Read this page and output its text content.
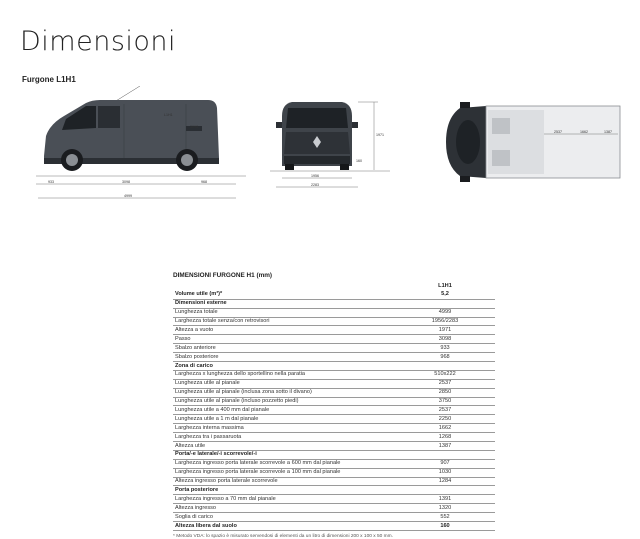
Dimensioni
Furgone L1H1
L1H1
3098
933	3098	968
4999
1971
160
1956
2283
2537	1662	1387
DIMENSIONI FURGONE H1 (mm)
	L1H1
Volume utile (m³)*	5,2
Dimensioni esterne	
Lunghezza totale	4999
Larghezza totale senza/con retrovisori	1956/2283
Altezza a vuoto	1971
Passo	3098
Sbalzo anteriore	933
Sbalzo posteriore	968
Zona di carico	
Larghezza x lunghezza dello sportellino nella paratia	510x222
Lunghezza utile al pianale	2537
Lunghezza utile al pianale (inclusa zona sotto il divano)	2850
Lunghezza utile al pianale (incluso pozzetto piedi)	3750
Lunghezza utile a 400 mm dal pianale	2537
Lunghezza utile a 1 m dal pianale	2250
Larghezza interna massima	1662
Larghezza tra i passaruota	1268
Altezza utile	1387
Porta/-e laterale/-i scorrevole/-i	
Larghezza ingresso porta laterale scorrevole a 600 mm dal pianale	907
Larghezza ingresso porta laterale scorrevole a 100 mm dal pianale	1030
Altezza ingresso porta laterale scorrevole	1284
Porta posteriore	
Larghezza ingresso a 70 mm dal pianale	1391
Altezza ingresso	1320
Soglia di carico	552
Altezza libera dal suolo	160
* Metodo VDA: lo spazio è misurato servendosi di elementi da un litro di dimensioni 200 x 100 x 50 mm.
